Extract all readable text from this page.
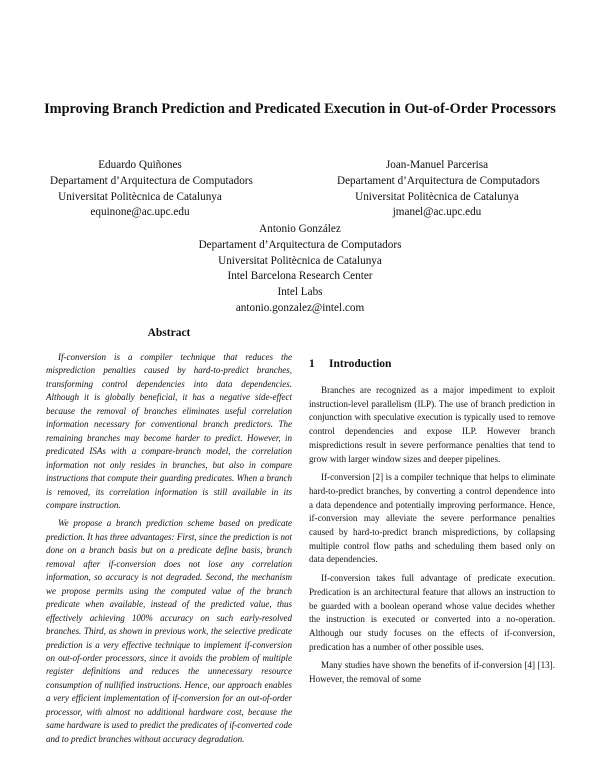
Improving Branch Prediction and Predicated Execution in Out-of-Order Processors
Eduardo Quiñones
Departament d’Arquitectura de Computadors
Universitat Politècnica de Catalunya
equinone@ac.upc.edu
Joan-Manuel Parcerisa
Departament d’Arquitectura de Computadors
Universitat Politècnica de Catalunya
jmanel@ac.upc.edu
Antonio González
Departament d’Arquitectura de Computadors
Universitat Politècnica de Catalunya
Intel Barcelona Research Center
Intel Labs
antonio.gonzalez@intel.com
Abstract

If-conversion is a compiler technique that reduces the misprediction penalties caused by hard-to-predict branches, transforming control dependencies into data dependencies. Although it is globally beneficial, it has a negative side-effect because the removal of branches eliminates useful correlation information necessary for conventional branch predictors. The remaining branches may become harder to predict. However, in predicated ISAs with a compare-branch model, the correlation information not only resides in branches, but also in compare instructions that compute their guarding predicates. When a branch is removed, its correlation information is still available in its compare instruction.

We propose a branch prediction scheme based on predicate prediction. It has three advantages: First, since the prediction is not done on a branch basis but on a predicate define basis, branch removal after if-conversion does not lose any correlation information, so accuracy is not degraded. Second, the mechanism we propose permits using the computed value of the branch predicate when available, instead of the predicted value, thus effectively achieving 100% accuracy on such early-resolved branches. Third, as shown in previous work, the selective predicate prediction is a very effective technique to implement if-conversion on out-of-order processors, since it avoids the problem of multiple register definitions and reduces the unnecessary resource consumption of nullified instructions. Hence, our approach enables a very efficient implementation of if-conversion for an out-of-order processor, with almost no additional hardware cost, because the same hardware is used to predict the predicates of if-converted code and to predict branches without accuracy degradation.

1 Introduction

Branches are recognized as a major impediment to exploit instruction-level parallelism (ILP). The use of branch prediction in conjunction with speculative execution is typically used to remove control dependencies and expose ILP. However branch mispredictions result in severe performance penalties that tend to grow with larger window sizes and deeper pipelines.

If-conversion [2] is a compiler technique that helps to eliminate hard-to-predict branches, by converting a control dependence into a data dependence and potentially improving performance. Hence, if-conversion may alleviate the severe performance penalties caused by hard-to-predict branch mispredictions, by collapsing multiple control flow paths and scheduling them based only on data dependencies.

If-conversion takes full advantage of predicate execution. Predication is an architectural feature that allows an instruction to be guarded with a boolean operand whose value decides whether the instruction is executed or converted into a no-operation. Although our study focuses on the effects of if-conversion, predication has a number of other possible uses.

Many studies have shown the benefits of if-conversion [4] [13]. However, the removal of some
